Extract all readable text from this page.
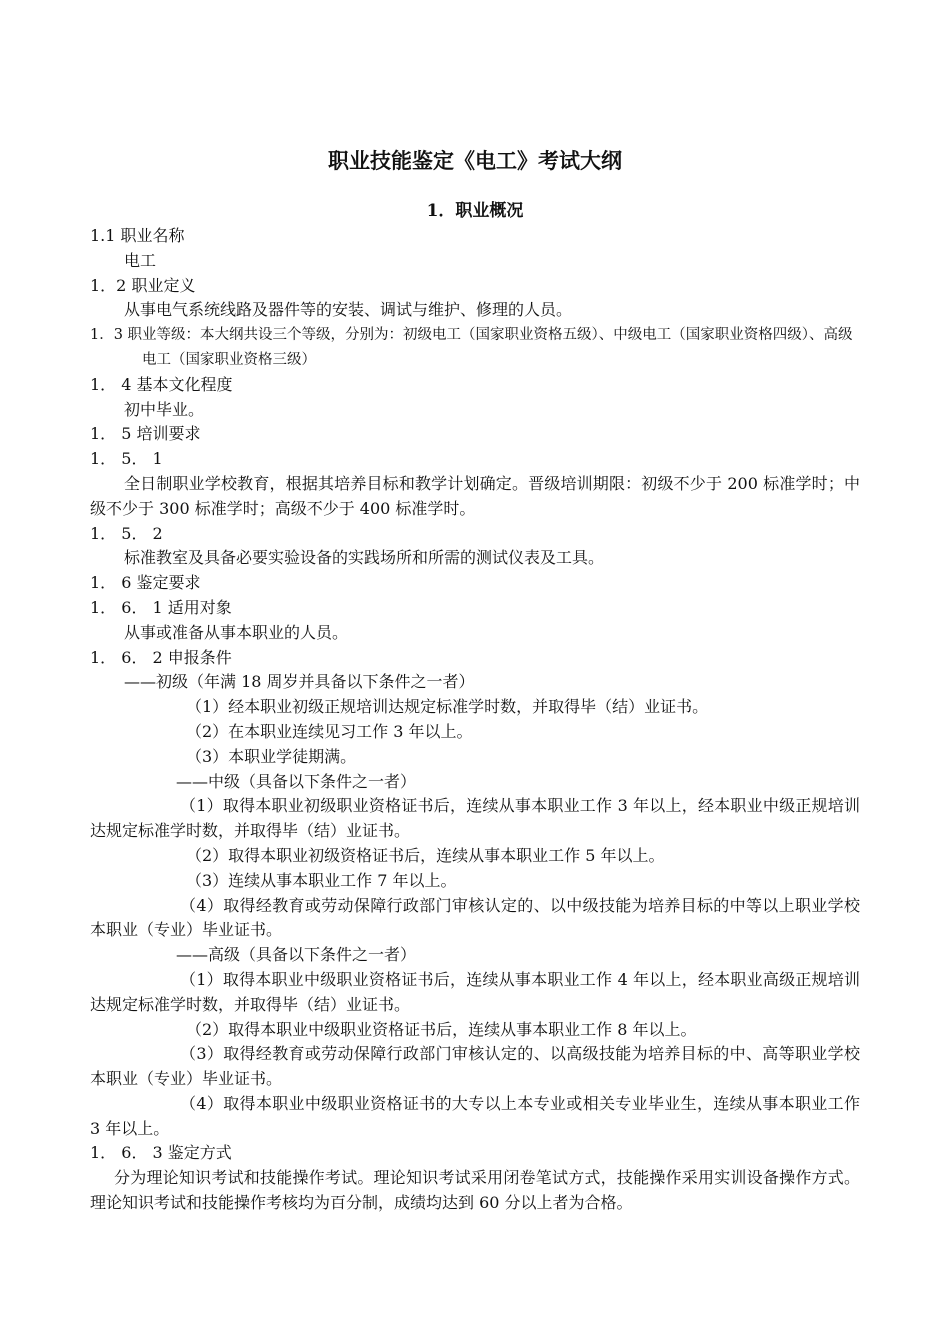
职业技能鉴定《电工》考试大纲
1．职业概况
1.1 职业名称
电工
1．2 职业定义
从事电气系统线路及器件等的安装、调试与维护、修理的人员。
1．3 职业等级：本大纲共设三个等级，分别为：初级电工（国家职业资格五级）、中级电工（国家职业资格四级）、高级电工（国家职业资格三级）
1． 4 基本文化程度
初中毕业。
1． 5 培训要求
1． 5． 1
全日制职业学校教育，根据其培养目标和教学计划确定。晋级培训期限：初级不少于 200 标准学时；中级不少于 300 标准学时；高级不少于 400 标准学时。
1． 5． 2
标准教室及具备必要实验设备的实践场所和所需的测试仪表及工具。
1． 6 鉴定要求
1． 6． 1 适用对象
从事或准备从事本职业的人员。
1． 6． 2 申报条件
——初级（年满 18 周岁并具备以下条件之一者）
（1）经本职业初级正规培训达规定标准学时数，并取得毕（结）业证书。
（2）在本职业连续见习工作 3 年以上。
（3）本职业学徒期满。
——中级（具备以下条件之一者）
（1）取得本职业初级职业资格证书后，连续从事本职业工作 3 年以上，经本职业中级正规培训达规定标准学时数，并取得毕（结）业证书。
（2）取得本职业初级资格证书后，连续从事本职业工作 5 年以上。
（3）连续从事本职业工作 7 年以上。
（4）取得经教育或劳动保障行政部门审核认定的、以中级技能为培养目标的中等以上职业学校本职业（专业）毕业证书。
——高级（具备以下条件之一者）
（1）取得本职业中级职业资格证书后，连续从事本职业工作 4 年以上，经本职业高级正规培训达规定标准学时数，并取得毕（结）业证书。
（2）取得本职业中级职业资格证书后，连续从事本职业工作 8 年以上。
（3）取得经教育或劳动保障行政部门审核认定的、以高级技能为培养目标的中、高等职业学校本职业（专业）毕业证书。
（4）取得本职业中级职业资格证书的大专以上本专业或相关专业毕业生，连续从事本职业工作 3 年以上。
1． 6． 3 鉴定方式
分为理论知识考试和技能操作考试。理论知识考试采用闭卷笔试方式，技能操作采用实训设备操作方式。理论知识考试和技能操作考核均为百分制，成绩均达到 60 分以上者为合格。
